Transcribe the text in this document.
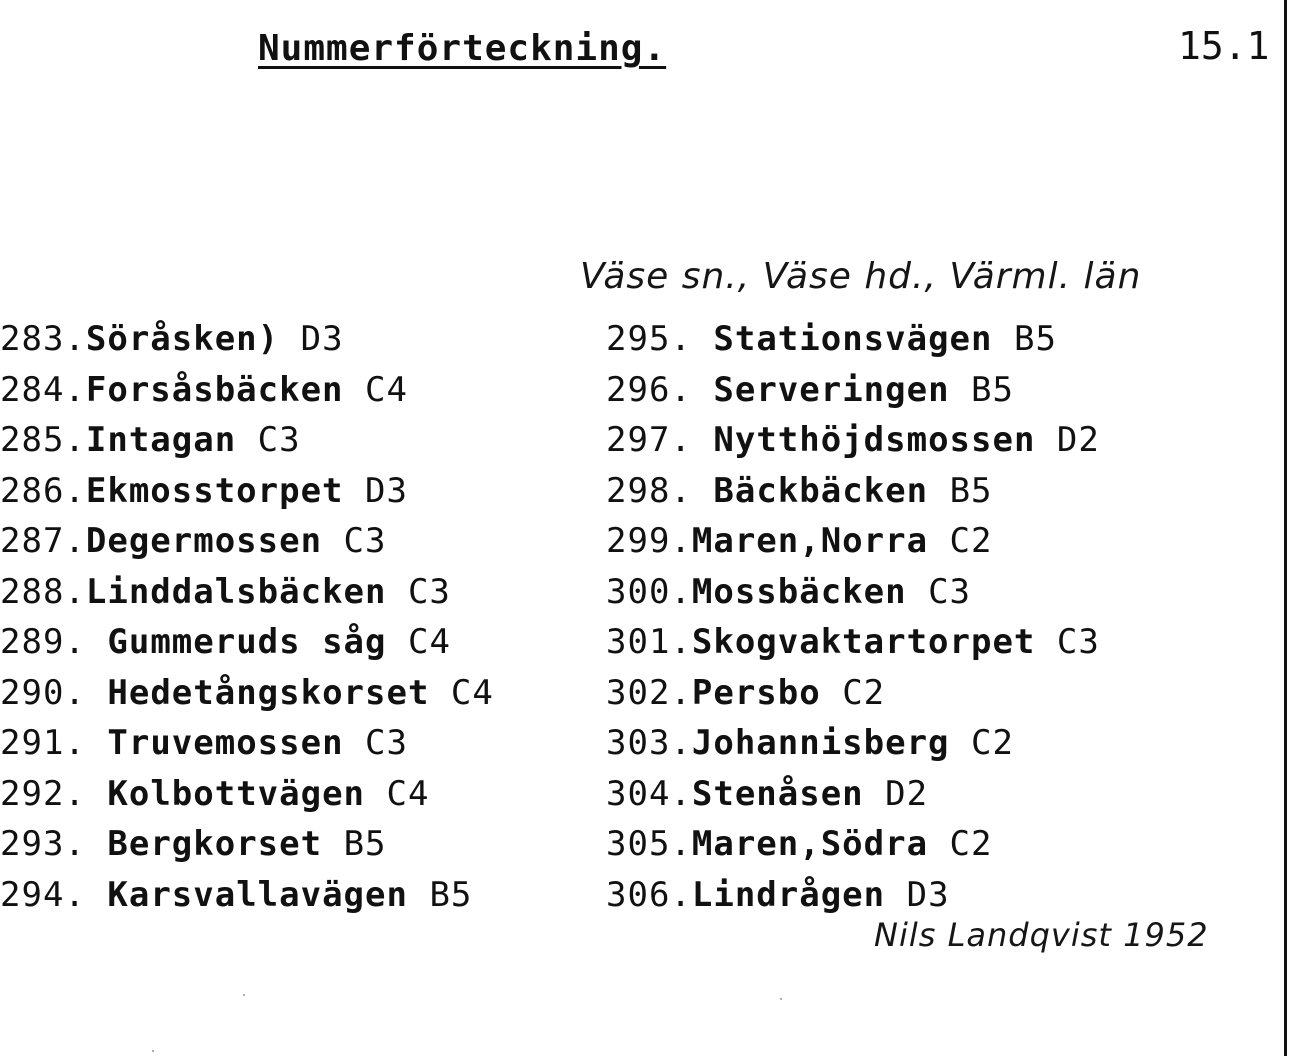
Nummerförteckning.	15.1
Väse sn., Väse hd., Värml. län
283.Söråsken) D3
284.Forsåsbäcken C4
285.Intagan C3
286.Ekmosstorpet D3
287.Degermossen C3
288.Linddalsbäcken C3
289. Gummeruds såg C4
290. Hedetångskorset C4
291. Truvemossen C3
292. Kolbottvägen C4
293. Bergkorset B5
294. Karsvallavägen B5
295. Stationsvägen B5
296. Serveringen B5
297. Nytthöjdsmossen D2
298. Bäckbäcken B5
299.Maren,Norra C2
300.Mossbäcken C3
301.Skogvaktartorpet C3
302.Persbo C2
303.Johannisberg C2
304.Stenåsen D2
305.Maren,Södra C2
306.Lindrågen D3
Nils Landqvist 1952
